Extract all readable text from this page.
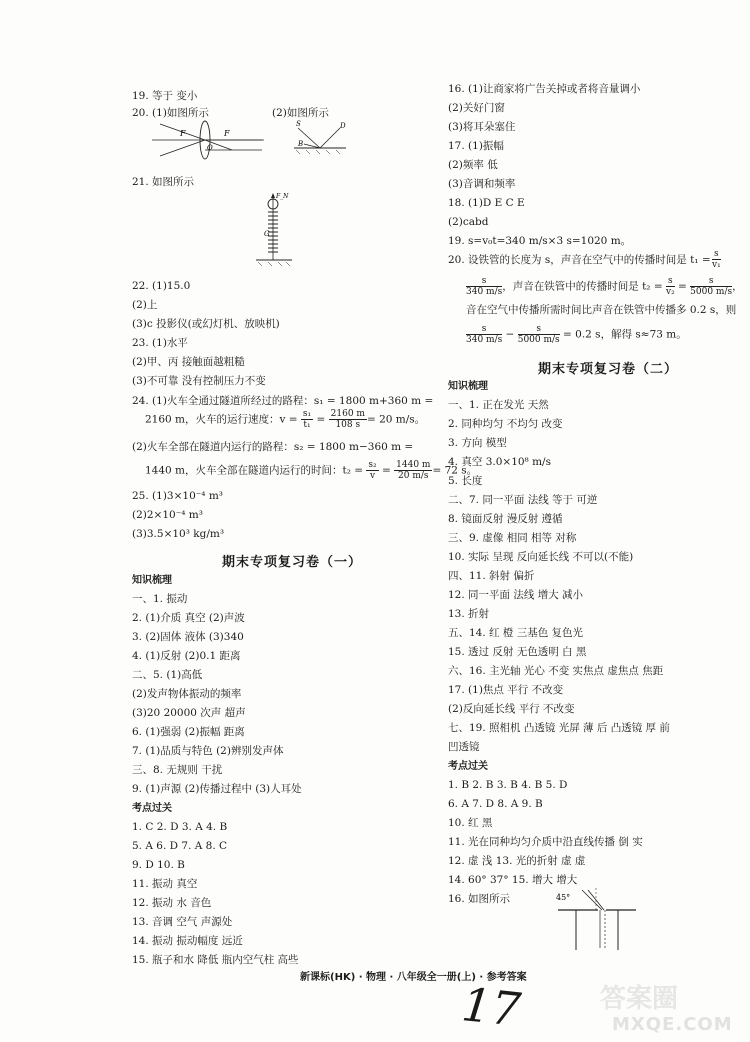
19. 等于 变小
20. (1)如图所示
21. 如图所示
22. (1)15.0
(2)上
(3)c 投影仪(或幻灯机、放映机)
23. (1)水平
(2)甲、丙 接触面越粗糙
(3)不可靠 没有控制压力不变
24. (1)火车全通过隧道所经过的路程：s₁ = 1800 m+360 m =
(2)火车全部在隧道内运行的路程：s₂ = 1800 m−360 m =
25. (1)3×10⁻⁴ m³
(2)2×10⁻⁴ m³
(3)3.5×10³ kg/m³
知识梳理
一、1. 振动
2. (1)介质 真空 (2)声波
3. (2)固体 液体 (3)340
4. (1)反射 (2)0.1 距离
二、5. (1)高低
(2)发声物体振动的频率
(3)20 20000 次声 超声
6. (1)强弱 (2)振幅 距离
7. (1)品质与特色 (2)辨别发声体
三、8. 无规则 干扰
9. (1)声源 (2)传播过程中 (3)人耳处
考点过关
1. C 2. D 3. A 4. B
5. A 6. D 7. A 8. C
9. D 10. B
11. 振动 真空
12. 振动 水 音色
13. 音调 空气 声源处
14. 振动 振动幅度 远近
15. 瓶子和水 降低 瓶内空气柱 高些
16. (1)让商家将广告关掉或者将音量调小
(2)关好门窗
(3)将耳朵塞住
17. (1)振幅
(2)频率 低
(3)音调和频率
18. (1)D E C E
(2)cabd
19. s=v₀t=340 m/s×3 s=1020 m。
20. 设铁管的长度为 s，声音在空气中的传播时间是 t₁ =
知识梳理
一、1. 正在发光 天然
2. 同种均匀 不均匀 改变
3. 方向 模型
4. 真空 3.0×10⁸ m/s
5. 长度
二、7. 同一平面 法线 等于 可逆
8. 镜面反射 漫反射 遵循
三、9. 虚像 相同 相等 对称
10. 实际 呈现 反向延长线 不可以(不能)
四、11. 斜射 偏折
12. 同一平面 法线 增大 减小
13. 折射
五、14. 红 橙 三基色 复色光
15. 透过 反射 无色透明 白 黑
六、16. 主光轴 光心 不变 实焦点 虚焦点 焦距
17. (1)焦点 平行 不改变
(2)反向延长线 平行 不改变
七、19. 照相机 凸透镜 光屏 薄 后 凸透镜 厚 前
凹透镜
考点过关
1. B 2. B 3. B 4. B 5. D
6. A 7. D 8. A 9. B
10. 红 黑
11. 光在同种均匀介质中沿直线传播 倒 实
12. 虚 浅 13. 光的折射 虚 虚
14. 60° 37° 15. 增大 增大
16. 如图所示
(2)如图所示
F	F
O
S
B
D
F_N
G
2160 m，火车的运行速度：$v = \frac{\text{s₁}}{\text{t₁}} = \frac{2160 m}{108 s} = 20$ m/s。
1440 m，火车全部在隧道内运行的时间：$t_2 = \frac{\text{s₂}}{v} = \frac{1440 m}{20 m/s} = 72$ s。
$\frac{s}{\text{v₁}}$
$\frac{s}{340 m/s}$ ，声音在铁管中的传播时间是 $t_2 = \frac{s}{\text{v₂}} = \frac{s}{5000 m/s}$ ，
音在空气中传播所需时间比声音在铁管中传播多 0.2 s，则
$\frac{s}{340 m/s} - \frac{s}{5000 m/s} = 0.2$ s，解得 s≈73 m。
期末专项复习卷（一）
期末专项复习卷（二）
45°
新课标(HK) · 物理 · 八年级全一册(上) · 参考答案
17	答案圈
MXQE.COM
